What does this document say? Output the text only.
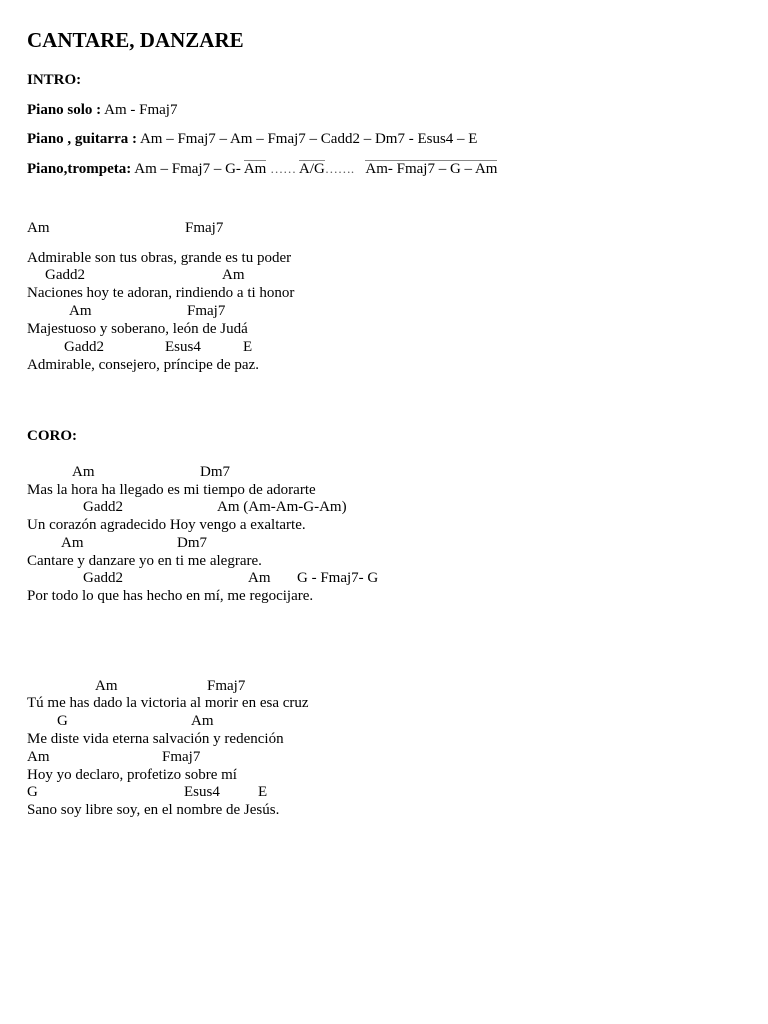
CANTARE, DANZARE
INTRO:
Piano solo : Am - Fmaj7
Piano , guitarra : Am – Fmaj7 – Am – Fmaj7 – Cadd2 – Dm7 - Esus4 – E
Piano,trompeta: Am – Fmaj7 – G- Am …… A/G……. Am- Fmaj7 – G – Am
Am	Fmaj7
Admirable son tus obras, grande es tu poder
Gadd2	Am
Naciones hoy te adoran, rindiendo a ti honor
Am	Fmaj7
Majestuoso y soberano, león de Judá
Gadd2	Esus4	E
Admirable, consejero, príncipe de paz.
CORO:
Am	Dm7
Mas la hora ha llegado es mi tiempo de adorarte
Gadd2	Am (Am-Am-G-Am)
Un corazón agradecido Hoy vengo a exaltarte.
Am	Dm7
Cantare y danzare yo en ti me alegrare.
Gadd2	Am G - Fmaj7- G
Por todo lo que has hecho en mí, me regocijare.
Am	Fmaj7
Tú me has dado la victoria al morir en esa cruz
G	Am
Me diste vida eterna salvación y redención
Am	Fmaj7
Hoy yo declaro, profetizo sobre mí
G	Esus4	E
Sano soy libre soy, en el nombre de Jesús.
